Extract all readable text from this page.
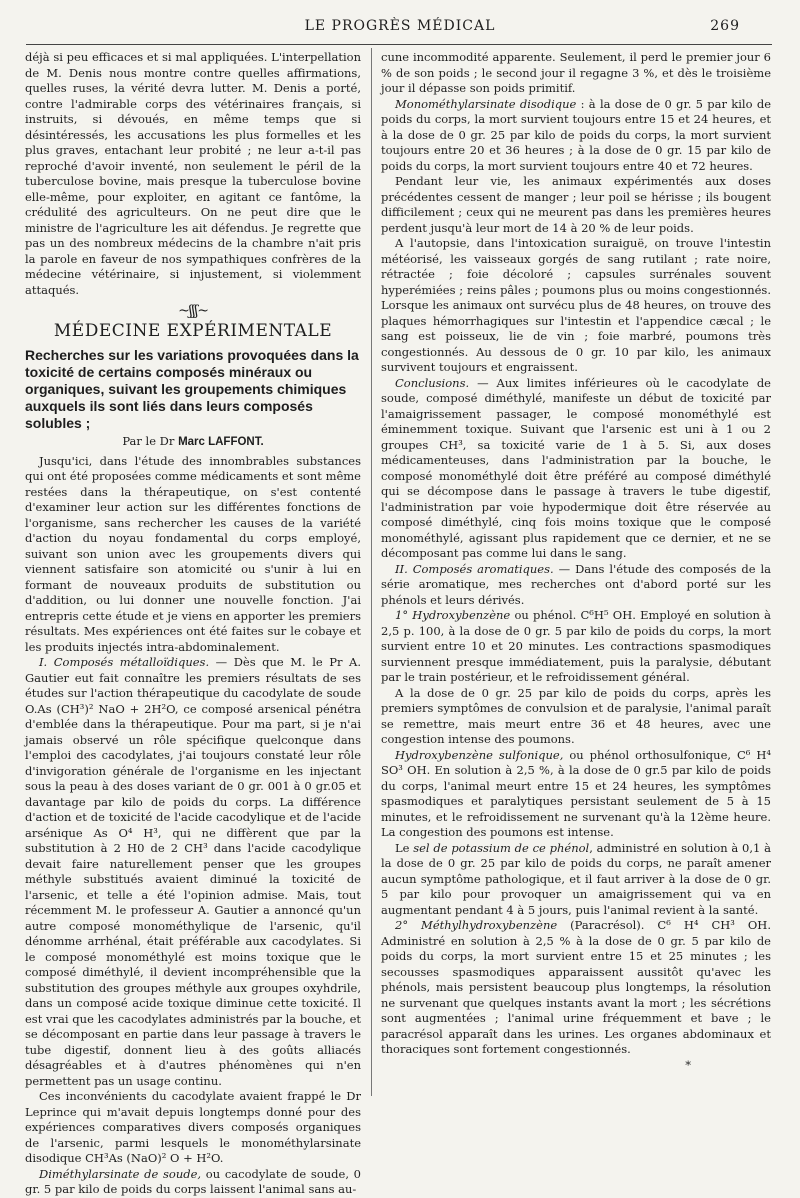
LE PROGRÈS MÉDICAL	269

déjà si peu efficaces et si mal appliquées. L'interpellation de M. Denis nous montre contre quelles affirmations, quelles ruses, la vérité devra lutter. M. Denis a porté, contre l'admirable corps des vétérinaires français, si instruits, si dévoués, en même temps que si désintéressés, les accusations les plus formelles et les plus graves, entachant leur probité ; ne leur a-t-il pas reproché d'avoir inventé, non seulement le péril de la tuberculose bovine, mais presque la tuberculose bovine elle-même, pour exploiter, en agitant ce fantôme, la crédulité des agriculteurs. On ne peut dire que le ministre de l'agriculture les ait défendus. Je regrette que pas un des nombreux médecins de la chambre n'ait pris la parole en faveur de nos sympathiques confrères de la médecine vétérinaire, si injustement, si violemment attaqués.

~ʃʃʃ~
MÉDECINE EXPÉRIMENTALE
Recherches sur les variations provoquées dans la toxicité de certains composés minéraux ou organiques, suivant les groupements chimiques auxquels ils sont liés dans leurs composés solubles ;
Par le Dr Marc LAFFONT.

Jusqu'ici, dans l'étude des innombrables substances qui ont été proposées comme médicaments et sont même restées dans la thérapeutique, on s'est contenté d'examiner leur action sur les différentes fonctions de l'organisme, sans rechercher les causes de la variété d'action du noyau fondamental du corps employé, suivant son union avec les groupements divers qui viennent satisfaire son atomicité ou s'unir à lui en formant de nouveaux produits de substitution ou d'addition, ou lui donner une nouvelle fonction. J'ai entrepris cette étude et je viens en apporter les premiers résultats. Mes expériences ont été faites sur le cobaye et les produits injectés intra-abdominalement.

I. Composés métalloïdiques. — Dès que M. le Pr A. Gautier eut fait connaître les premiers résultats de ses études sur l'action thérapeutique du cacodylate de soude O.As (CH³)² NaO + 2H²O, ce composé arsenical pénétra d'emblée dans la thérapeutique. Pour ma part, si je n'ai jamais observé un rôle spécifique quelconque dans l'emploi des cacodylates, j'ai toujours constaté leur rôle d'invigoration générale de l'organisme en les injectant sous la peau à des doses variant de 0 gr. 001 à 0 gr.05 et davantage par kilo de poids du corps. La différence d'action et de toxicité de l'acide cacodylique et de l'acide arsénique As O⁴ H³, qui ne diffèrent que par la substitution à 2 H0 de 2 CH³ dans l'acide cacodylique devait faire naturellement penser que les groupes méthyle substitués avaient diminué la toxicité de l'arsenic, et telle a été l'opinion admise. Mais, tout récemment M. le professeur A. Gautier a annoncé qu'un autre composé monométhylique de l'arsenic, qu'il dénomme arrhénal, était préférable aux cacodylates. Si le composé monométhylé est moins toxique que le composé diméthylé, il devient incompréhensible que la substitution des groupes méthyle aux groupes oxyhdrile, dans un composé acide toxique diminue cette toxicité. Il est vrai que les cacodylates administrés par la bouche, et se décomposant en partie dans leur passage à travers le tube digestif, donnent lieu à des goûts alliacés désagréables et à d'autres phénomènes qui n'en permettent pas un usage continu.

Ces inconvénients du cacodylate avaient frappé le Dr Leprince qui m'avait depuis longtemps donné pour des expériences comparatives divers composés organiques de l'arsenic, parmi lesquels le monométhylarsinate disodique CH³As (NaO)² O + H²O.

Diméthylarsinate de soude, ou cacodylate de soude, 0 gr. 5 par kilo de poids du corps laissent l'animal sans au-

cune incommodité apparente. Seulement, il perd le premier jour 6 % de son poids ; le second jour il regagne 3 %, et dès le troisième jour il dépasse son poids primitif.

Monométhylarsinate disodique : à la dose de 0 gr. 5 par kilo de poids du corps, la mort survient toujours entre 15 et 24 heures, et à la dose de 0 gr. 25 par kilo de poids du corps, la mort survient toujours entre 20 et 36 heures ; à la dose de 0 gr. 15 par kilo de poids du corps, la mort survient toujours entre 40 et 72 heures.

Pendant leur vie, les animaux expérimentés aux doses précédentes cessent de manger ; leur poil se hérisse ; ils bougent difficilement ; ceux qui ne meurent pas dans les premières heures perdent jusqu'à leur mort de 14 à 20 % de leur poids.

A l'autopsie, dans l'intoxication suraiguë, on trouve l'intestin météorisé, les vaisseaux gorgés de sang rutilant ; rate noire, rétractée ; foie décoloré ; capsules surrénales souvent hyperémiées ; reins pâles ; poumons plus ou moins congestionnés. Lorsque les animaux ont survécu plus de 48 heures, on trouve des plaques hémorrhagiques sur l'intestin et l'appendice cæcal ; le sang est poisseux, lie de vin ; foie marbré, poumons très congestionnés. Au dessous de 0 gr. 10 par kilo, les animaux survivent toujours et engraissent.

Conclusions. — Aux limites inférieures où le cacodylate de soude, composé diméthylé, manifeste un début de toxicité par l'amaigrissement passager, le composé monométhylé est éminemment toxique. Suivant que l'arsenic est uni à 1 ou 2 groupes CH³, sa toxicité varie de 1 à 5. Si, aux doses médicamenteuses, dans l'administration par la bouche, le composé monométhylé doit être préféré au composé diméthylé qui se décompose dans le passage à travers le tube digestif, l'administration par voie hypodermique doit être réservée au composé diméthylé, cinq fois moins toxique que le composé monométhylé, agissant plus rapidement que ce dernier, et ne se décomposant pas comme lui dans le sang.

II. Composés aromatiques. — Dans l'étude des composés de la série aromatique, mes recherches ont d'abord porté sur les phénols et leurs dérivés.

1° Hydroxybenzène ou phénol. C⁶H⁵ OH. Employé en solution à 2,5 p. 100, à la dose de 0 gr. 5 par kilo de poids du corps, la mort survient entre 10 et 20 minutes. Les contractions spasmodiques surviennent presque immédiatement, puis la paralysie, débutant par le train postérieur, et le refroidissement général.

A la dose de 0 gr. 25 par kilo de poids du corps, après les premiers symptômes de convulsion et de paralysie, l'animal paraît se remettre, mais meurt entre 36 et 48 heures, avec une congestion intense des poumons.

Hydroxybenzène sulfonique, ou phénol orthosulfonique, C⁶ H⁴ SO³ OH. En solution à 2,5 %, à la dose de 0 gr.5 par kilo de poids du corps, l'animal meurt entre 15 et 24 heures, les symptômes spasmodiques et paralytiques persistant seulement de 5 à 15 minutes, et le refroidissement ne survenant qu'à la 12ème heure. La congestion des poumons est intense.

Le sel de potassium de ce phénol, administré en solution à 0,1 à la dose de 0 gr. 25 par kilo de poids du corps, ne paraît amener aucun symptôme pathologique, et il faut arriver à la dose de 0 gr. 5 par kilo pour provoquer un amaigrissement qui va en augmentant pendant 4 à 5 jours, puis l'animal revient à la santé.

2° Méthylhydroxybenzène (Paracrésol). C⁶ H⁴ CH³ OH. Administré en solution à 2,5 % à la dose de 0 gr. 5 par kilo de poids du corps, la mort survient entre 15 et 25 minutes ; les secousses spasmodiques apparaissent aussitôt qu'avec les phénols, mais persistent beaucoup plus longtemps, la résolution ne survenant que quelques instants avant la mort ; les sécrétions sont augmentées ; l'animal urine fréquemment et bave ; le paracrésol apparaît dans les urines. Les organes abdominaux et thoraciques sont fortement congestionnés.

*
